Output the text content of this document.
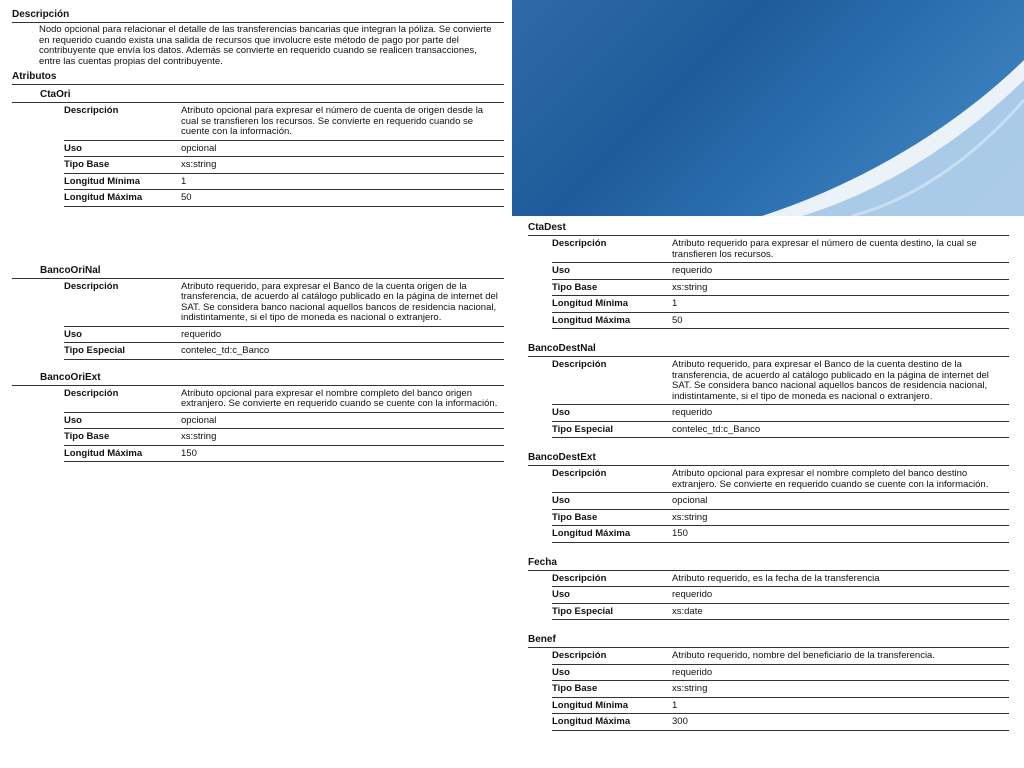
Descripción
Nodo opcional para relacionar el detalle de las transferencias bancarias que integran la póliza. Se convierte en requerido cuando exista una salida de recursos que involucre este método de pago por parte del contribuyente que envía los datos. Además se convierte en requerido cuando se realicen transacciones, entre las cuentas propias del contribuyente.
Atributos
CtaOri
Descripción	Atributo opcional para expresar el número de cuenta de origen desde la cual se transfieren los recursos. Se convierte en requerido cuando se cuente con la información.
Uso	opcional
Tipo Base	xs:string
Longitud Mínima	1
Longitud Máxima	50
BancoOriNal
Descripción	Atributo requerido, para expresar el Banco de la cuenta origen de la transferencia, de acuerdo al catálogo publicado en la página de internet del SAT. Se considera banco nacional aquellos bancos de residencia nacional, indistintamente, si el tipo de moneda es nacional o extranjero.
Uso	requerido
Tipo Especial	contelec_td:c_Banco
BancoOriExt
Descripción	Atributo opcional para expresar el nombre completo del banco origen extranjero. Se convierte en requerido cuando se cuente con la información.
Uso	opcional
Tipo Base	xs:string
Longitud Máxima	150
CtaDest
Descripción	Atributo requerido para expresar el número de cuenta destino, la cual se transfieren los recursos.
Uso	requerido
Tipo Base	xs:string
Longitud Mínima	1
Longitud Máxima	50
BancoDestNal
Descripción	Atributo requerido, para expresar el Banco de la cuenta destino de la transferencia, de acuerdo al catálogo publicado en la página de internet del SAT. Se considera banco nacional aquellos bancos de residencia nacional, indistintamente, si el tipo de moneda es nacional o extranjero.
Uso	requerido
Tipo Especial	contelec_td:c_Banco
BancoDestExt
Descripción	Atributo opcional para expresar el nombre completo del banco destino extranjero. Se convierte en requerido cuando se cuente con la información.
Uso	opcional
Tipo Base	xs:string
Longitud Máxima	150
Fecha
Descripción	Atributo requerido, es la fecha de la transferencia
Uso	requerido
Tipo Especial	xs:date
Benef
Descripción	Atributo requerido, nombre del beneficiario de la transferencia.
Uso	requerido
Tipo Base	xs:string
Longitud Mínima	1
Longitud Máxima	300
